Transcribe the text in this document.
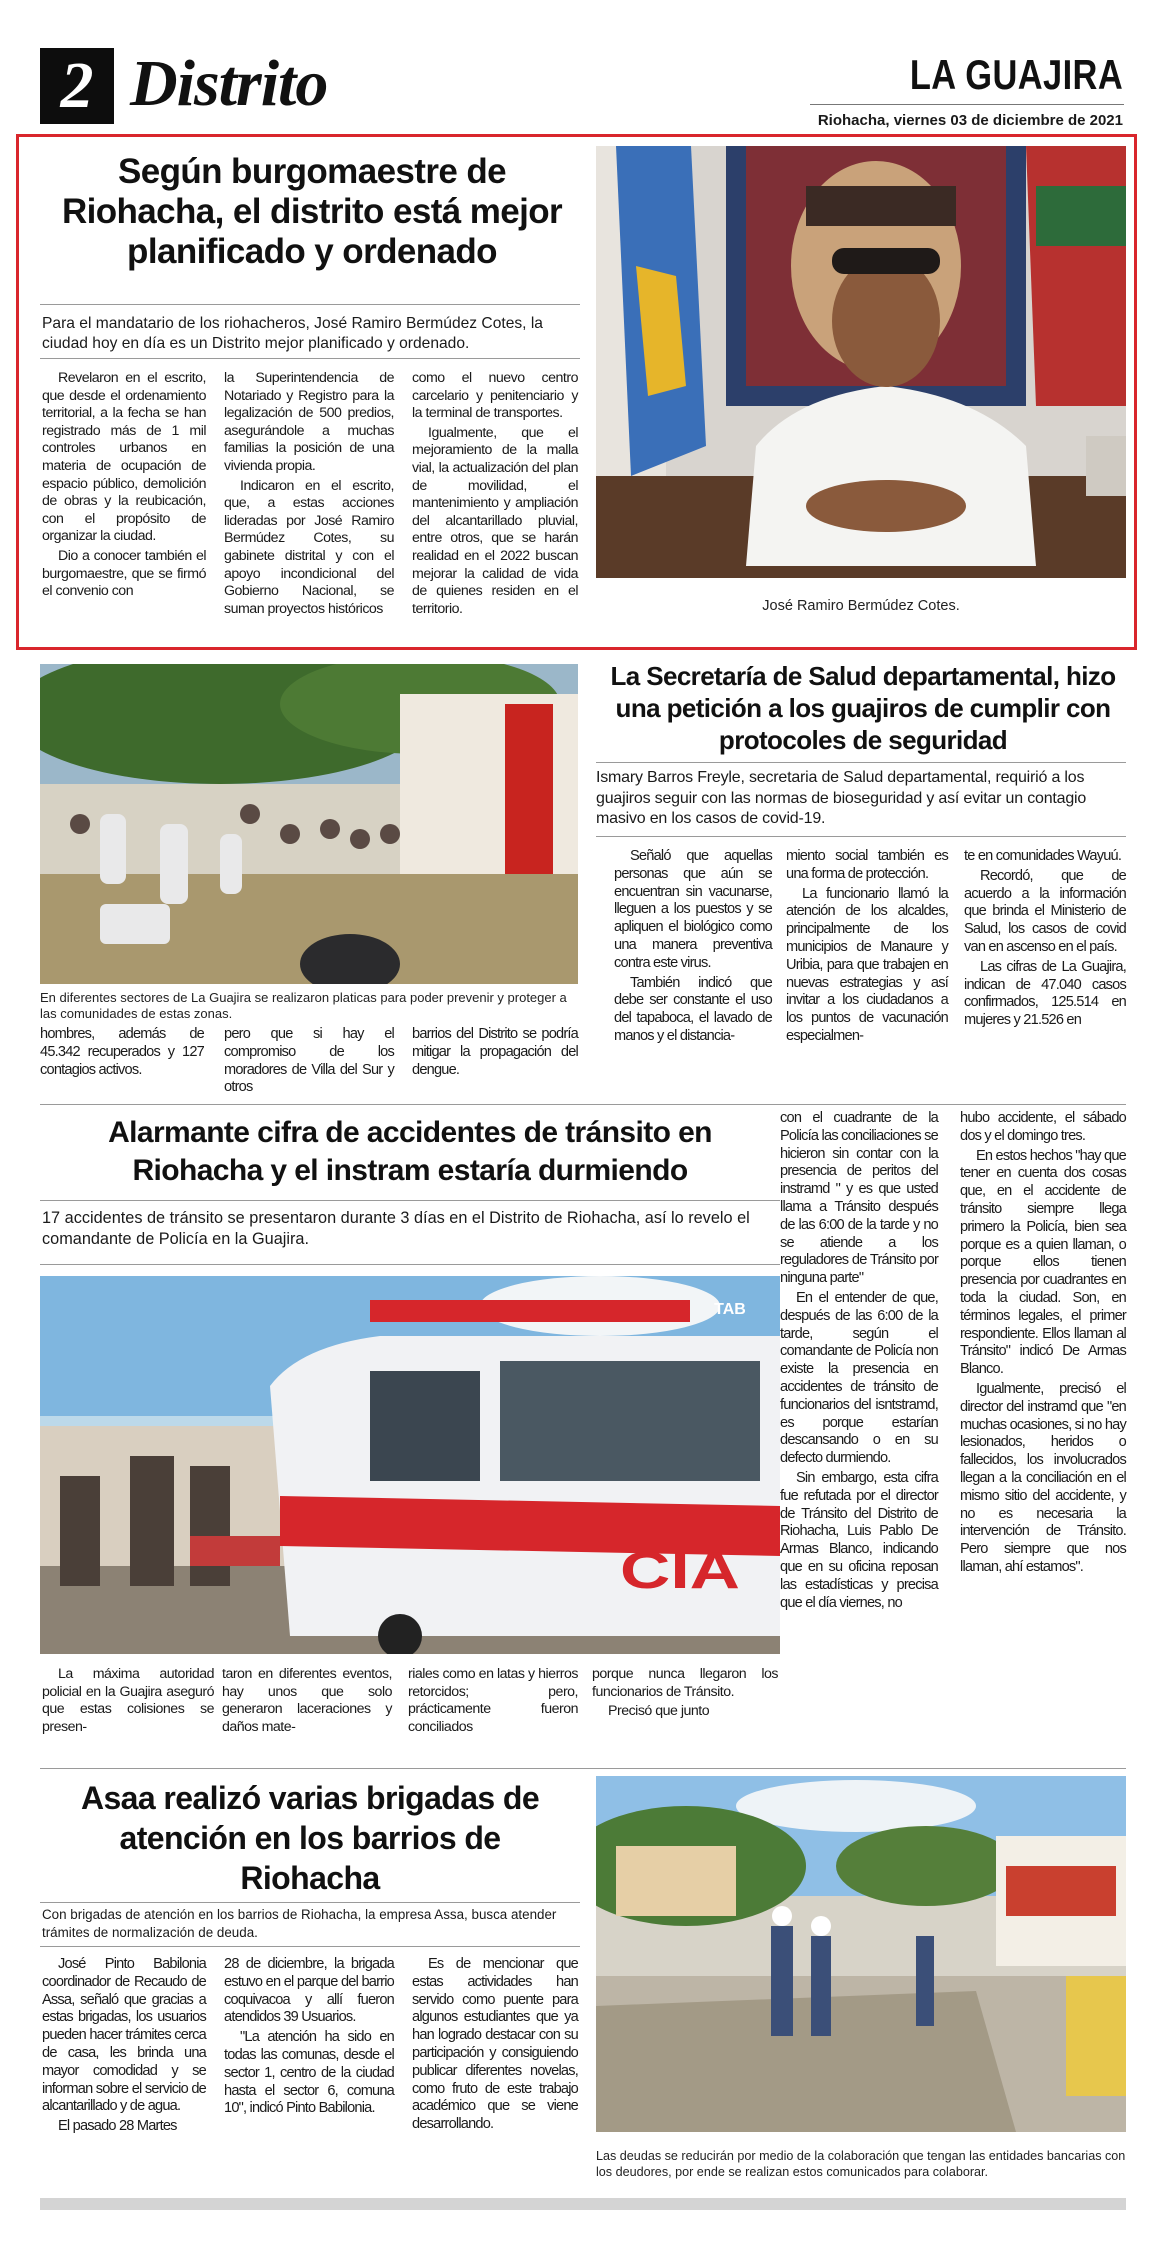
2 Distrito	LA GUAJIRA
Riohacha, viernes 03 de diciembre de 2021
Según burgomaestre de Riohacha, el distrito está mejor planificado y ordenado
Para el mandatario de los riohacheros, José Ramiro Bermúdez Cotes, la ciudad hoy en día es un Distrito mejor planificado y ordenado.

Revelaron en el escrito, que desde el ordenamiento territorial, a la fecha se han registrado más de 1 mil controles urbanos en materia de ocupación de espacio público, demolición de obras y la reubicación, con el propósito de organizar la ciudad.

Dio a conocer también el burgomaestre, que se firmó el convenio con

la Superintendencia de Notariado y Registro para la legalización de 500 predios, asegurándole a muchas familias la posición de una vivienda propia.

Indicaron en el escrito, que, a estas acciones lideradas por José Ramiro Bermúdez Cotes, su gabinete distrital y con el apoyo incondicional del Gobierno Nacional, se suman proyectos históricos

como el nuevo centro carcelario y penitenciario y la terminal de transportes.

Igualmente, que el mejoramiento de la malla vial, la actualización del plan de movilidad, el mantenimiento y ampliación del alcantarillado pluvial, entre otros, que se harán realidad en el 2022 buscan mejorar la calidad de vida de quienes residen en el territorio.	José Ramiro Bermúdez Cotes.
En diferentes sectores de La Guajira se realizaron platicas para poder prevenir y proteger a las comunidades de estas zonas.
hombres, además de 45.342 recuperados y 127 contagios activos.
pero que si hay el compromiso de los moradores de Villa del Sur y otros
barrios del Distrito se podría mitigar la propagación del dengue.
La Secretaría de Salud departamental, hizo una petición a los guajiros de cumplir con protocoles de seguridad
Ismary Barros Freyle, secretaria de Salud departamental, requirió a los guajiros seguir con las normas de bioseguridad y así evitar un contagio masivo en los casos de covid-19.

Señaló que aquellas personas que aún se encuentran sin vacunarse, lleguen a los puestos y se apliquen el biológico como una manera preventiva contra este virus.

También indicó que debe ser constante el uso del tapaboca, el lavado de manos y el distancia-

miento social también es una forma de protección.

La funcionario llamó la atención de los alcaldes, principalmente de los municipios de Manaure y Uribia, para que trabajen en nuevas estrategias y así invitar a los ciudadanos a los puntos de vacunación especialmen-

te en comunidades Wayuú.

Recordó, que de acuerdo a la información que brinda el Ministerio de Salud, los casos de covid van en ascenso en el país.

Las cifras de La Guajira, indican de 47.040 casos confirmados, 125.514 en mujeres y 21.526 en

Alarmante cifra de accidentes de tránsito en Riohacha y el instram estaría durmiendo
17 accidentes de tránsito se presentaron durante 3 días en el Distrito de Riohacha, así lo revelo el comandante de Policía en la Guajira.
TAB
CIA

La máxima autoridad policial en la Guajira aseguró que estas colisiones se presen-

taron en diferentes eventos, hay unos que solo generaron laceraciones y daños mate-

riales como en latas y hierros retorcidos; pero, prácticamente fueron conciliados

porque nunca llegaron los funcionarios de Tránsito.

Precisó que junto

con el cuadrante de la Policía las conciliaciones se hicieron sin contar con la presencia de peritos del instramd " y es que usted llama a Tránsito después de las 6:00 de la tarde y no se atiende a los reguladores de Tránsito por ninguna parte"

En el entender de que, después de las 6:00 de la tarde, según el comandante de Policía non existe la presencia en accidentes de tránsito de funcionarios del isntstramd, es porque estarían descansando o en su defecto durmiendo.

Sin embargo, esta cifra fue refutada por el director de Tránsito del Distrito de Riohacha, Luis Pablo De Armas Blanco, indicando que en su oficina reposan las estadísticas y precisa que el día viernes, no

hubo accidente, el sábado dos y el domingo tres.

En estos hechos "hay que tener en cuenta dos cosas que, en el accidente de tránsito siempre llega primero la Policía, bien sea porque es a quien llaman, o porque ellos tienen presencia por cuadrantes en toda la ciudad. Son, en términos legales, el primer respondiente. Ellos llaman al Tránsito" indicó De Armas Blanco.

Igualmente, precisó el director del instramd que "en muchas ocasiones, si no hay lesionados, heridos o fallecidos, los involucrados llegan a la conciliación en el mismo sitio del accidente, y no es necesaria la intervención de Tránsito. Pero siempre que nos llaman, ahí estamos".

Asaa realizó varias brigadas de atención en los barrios de Riohacha
Con brigadas de atención en los barrios de Riohacha, la empresa Assa, busca atender trámites de normalización de deuda.

José Pinto Babilonia coordinador de Recaudo de Assa, señaló que gracias a estas brigadas, los usuarios pueden hacer trámites cerca de casa, les brinda una mayor comodidad y se informan sobre el servicio de alcantarillado y de agua.

El pasado 28 Martes

28 de diciembre, la brigada estuvo en el parque del barrio coquivacoa y allí fueron atendidos 39 Usuarios.

"La atención ha sido en todas las comunas, desde el sector 1, centro de la ciudad hasta el sector 6, comuna 10", indicó Pinto Babilonia.

Es de mencionar que estas actividades han servido como puente para algunos estudiantes que ya han logrado destacar con su participación y consiguiendo publicar diferentes novelas, como fruto de este trabajo académico que se viene desarrollando.

Las deudas se reducirán por medio de la colaboración que tengan las entidades bancarias con los deudores, por ende se realizan estos comunicados para colaborar.
